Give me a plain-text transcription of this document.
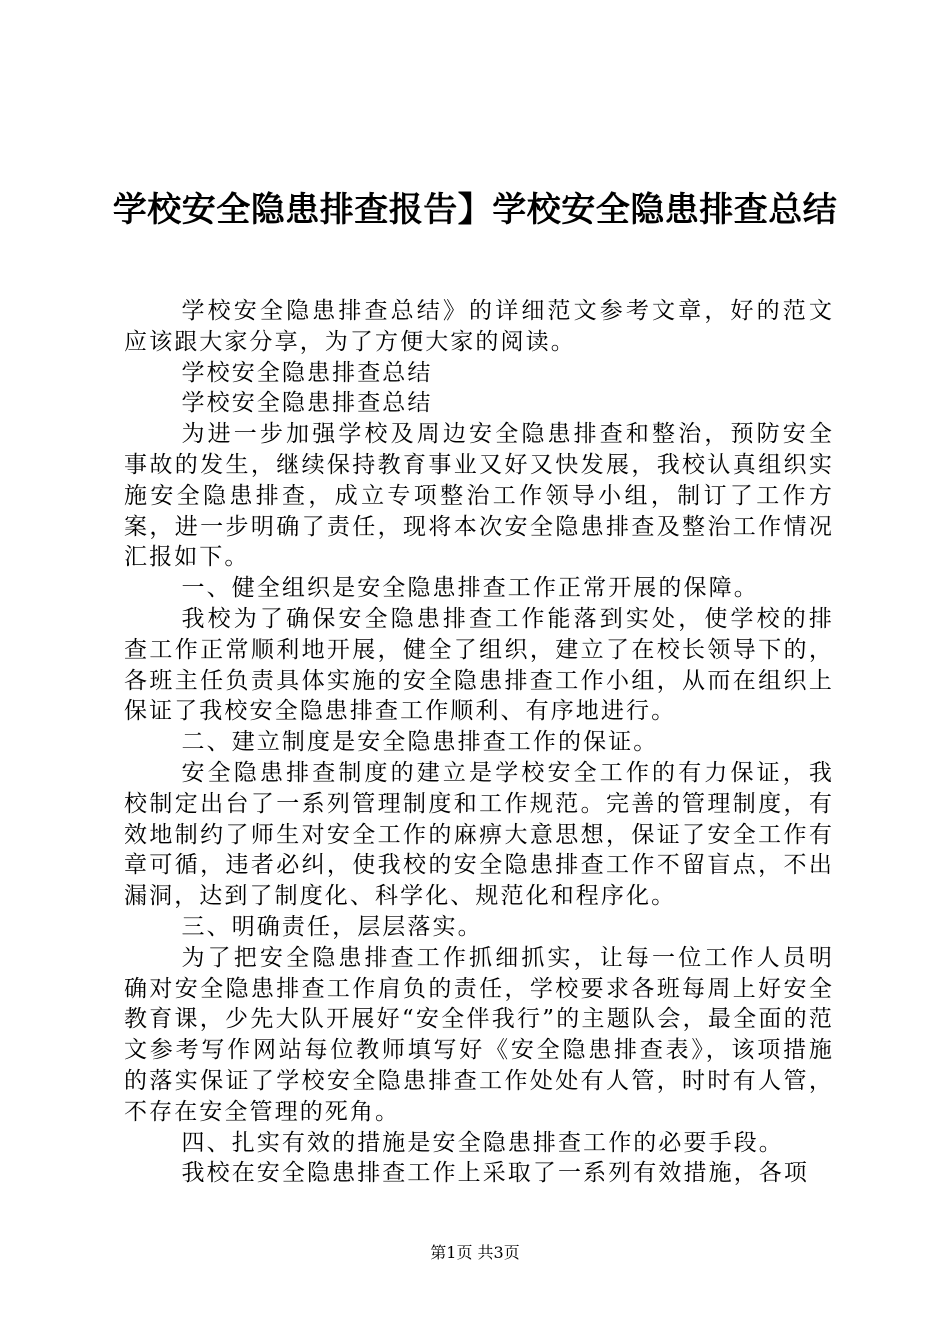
学校安全隐患排查报告】学校安全隐患排查总结

学校安全隐患排查总结》的详细范文参考文章，好的范文应该跟大家分享，为了方便大家的阅读。

学校安全隐患排查总结

学校安全隐患排查总结

为进一步加强学校及周边安全隐患排查和整治，预防安全事故的发生，继续保持教育事业又好又快发展，我校认真组织实施安全隐患排查，成立专项整治工作领导小组，制订了工作方案，进一步明确了责任，现将本次安全隐患排查及整治工作情况汇报如下。

一、健全组织是安全隐患排查工作正常开展的保障。

我校为了确保安全隐患排查工作能落到实处，使学校的排查工作正常顺利地开展，健全了组织，建立了在校长领导下的，各班主任负责具体实施的安全隐患排查工作小组，从而在组织上保证了我校安全隐患排查工作顺利、有序地进行。

二、建立制度是安全隐患排查工作的保证。

安全隐患排查制度的建立是学校安全工作的有力保证，我校制定出台了一系列管理制度和工作规范。完善的管理制度，有效地制约了师生对安全工作的麻痹大意思想，保证了安全工作有章可循，违者必纠，使我校的安全隐患排查工作不留盲点，不出漏洞，达到了制度化、科学化、规范化和程序化。

三、明确责任，层层落实。

为了把安全隐患排查工作抓细抓实，让每一位工作人员明确对安全隐患排查工作肩负的责任，学校要求各班每周上好安全教育课，少先大队开展好“安全伴我行”的主题队会，最全面的范文参考写作网站每位教师填写好《安全隐患排查表》，该项措施的落实保证了学校安全隐患排查工作处处有人管，时时有人管，不存在安全管理的死角。

四、扎实有效的措施是安全隐患排查工作的必要手段。

我校在安全隐患排查工作上采取了一系列有效措施，各项

第1页 共3页
